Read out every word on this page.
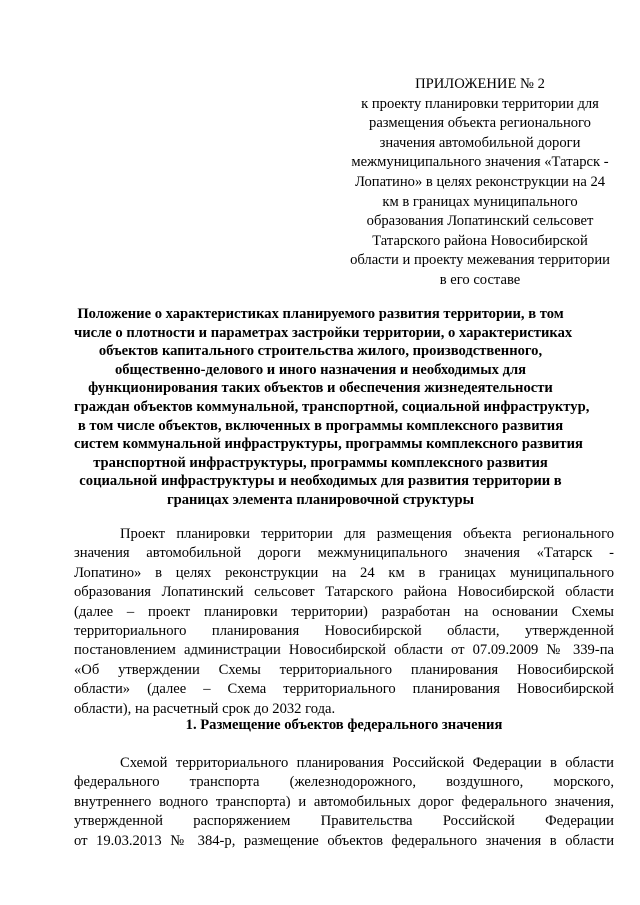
ПРИЛОЖЕНИЕ № 2
к проекту планировки территории для
размещения объекта регионального
значения автомобильной дороги
межмуниципального значения «Татарск -
Лопатино» в целях реконструкции на 24
км в границах муниципального
образования Лопатинский сельсовет
Татарского района Новосибирской
области и проекту межевания территории
в его составе
Положение о характеристиках планируемого развития территории, в том
числе о плотности и параметрах застройки территории, о характеристиках
объектов капитального строительства жилого, производственного,
общественно-делового и иного назначения и необходимых для
функционирования таких объектов и обеспечения жизнедеятельности
граждан объектов коммунальной, транспортной, социальной инфраструктур,
в том числе объектов, включенных в программы комплексного развития
систем коммунальной инфраструктуры, программы комплексного развития
транспортной инфраструктуры, программы комплексного развития
социальной инфраструктуры и необходимых для развития территории в
границах элемента планировочной структуры
Проект планировки территории для размещения объекта регионального
значения автомобильной дороги межмуниципального значения «Татарск -
Лопатино» в целях реконструкции на 24 км в границах муниципального
образования Лопатинский сельсовет Татарского района Новосибирской области
(далее – проект планировки территории) разработан на основании Схемы
территориального планирования Новосибирской области, утвержденной
постановлением администрации Новосибирской области от 07.09.2009 № 339-па
«Об утверждении Схемы территориального планирования Новосибирской
области» (далее – Схема территориального планирования Новосибирской
области), на расчетный срок до 2032 года.
1. Размещение объектов федерального значения
Схемой территориального планирования Российской Федерации в области
федерального транспорта (железнодорожного, воздушного, морского,
внутреннего водного транспорта) и автомобильных дорог федерального значения,
утвержденной распоряжением Правительства Российской Федерации
от 19.03.2013 № 384-р, размещение объектов федерального значения в области
